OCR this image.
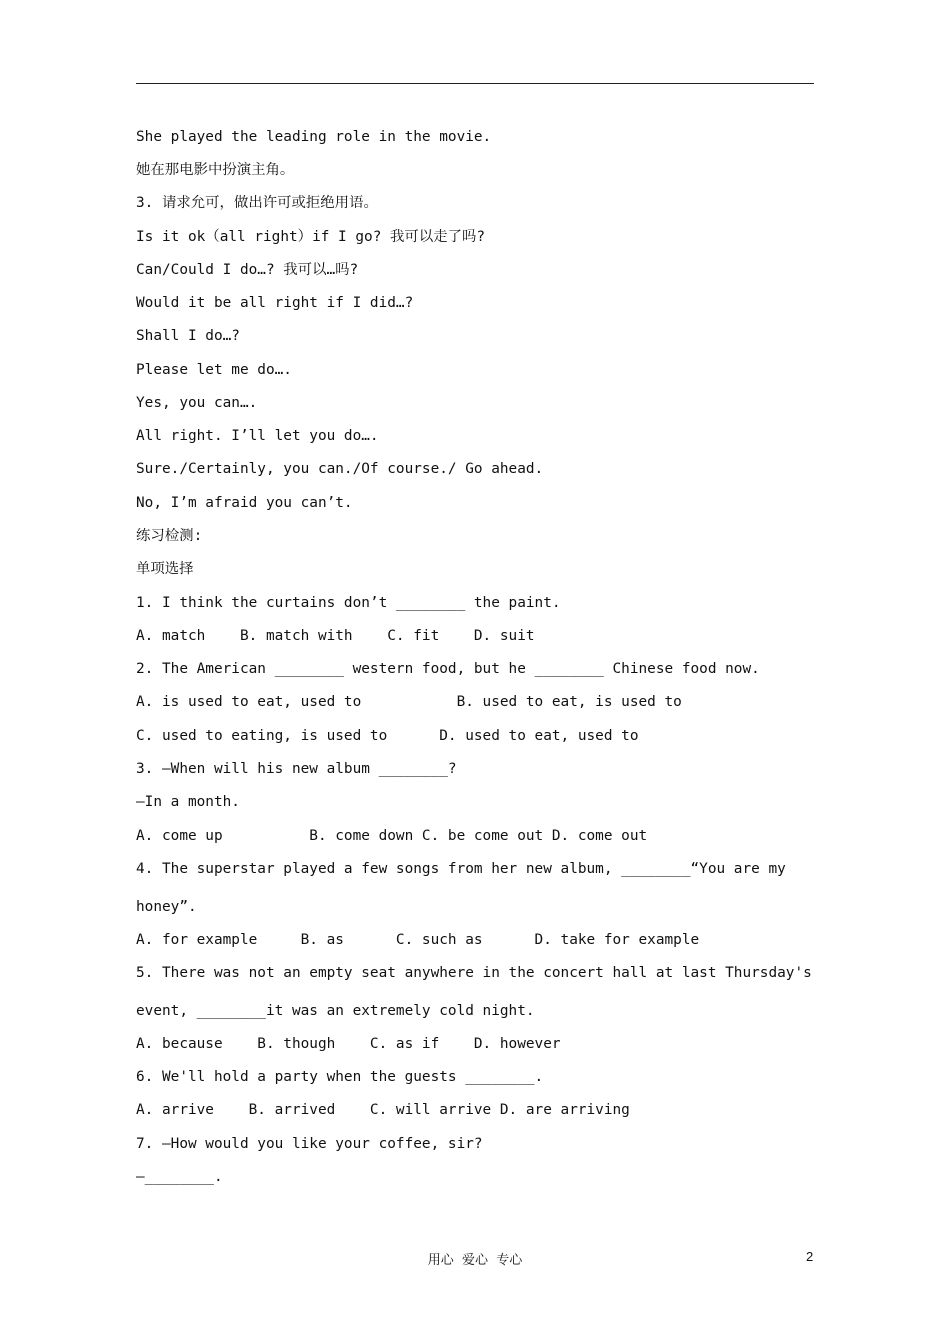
She played the leading role in the movie.
她在那电影中扮演主角。
3. 请求允可，做出许可或拒绝用语。
Is it ok（all right）if I go? 我可以走了吗?
Can/Could I do…? 我可以…吗?
Would it be all right if I did…?
Shall I do…?
Please let me do….
Yes, you can….
All right. I’ll let you do….
Sure./Certainly, you can./Of course./ Go ahead.
No, I’m afraid you can’t.
练习检测:
单项选择
1. I think the curtains don’t ________ the paint.
A. match    B. match with    C. fit    D. suit
2. The American ________ western food, but he ________ Chinese food now.
A. is used to eat, used to           B. used to eat, is used to
C. used to eating, is used to      D. used to eat, used to
3. —When will his new album ________?
—In a month.
A. come up          B. come down C. be come out D. come out
4. The superstar played a few songs from her new album, ________“You are my
honey”.
A. for example     B. as      C. such as      D. take for example
5. There was not an empty seat anywhere in the concert hall at last Thursday's
event, ________it was an extremely cold night.
A. because    B. though    C. as if    D. however
6. We'll hold a party when the guests ________.
A. arrive    B. arrived    C. will arrive D. are arriving
7. —How would you like your coffee, sir?
—________.
用心  爱心  专心	2
